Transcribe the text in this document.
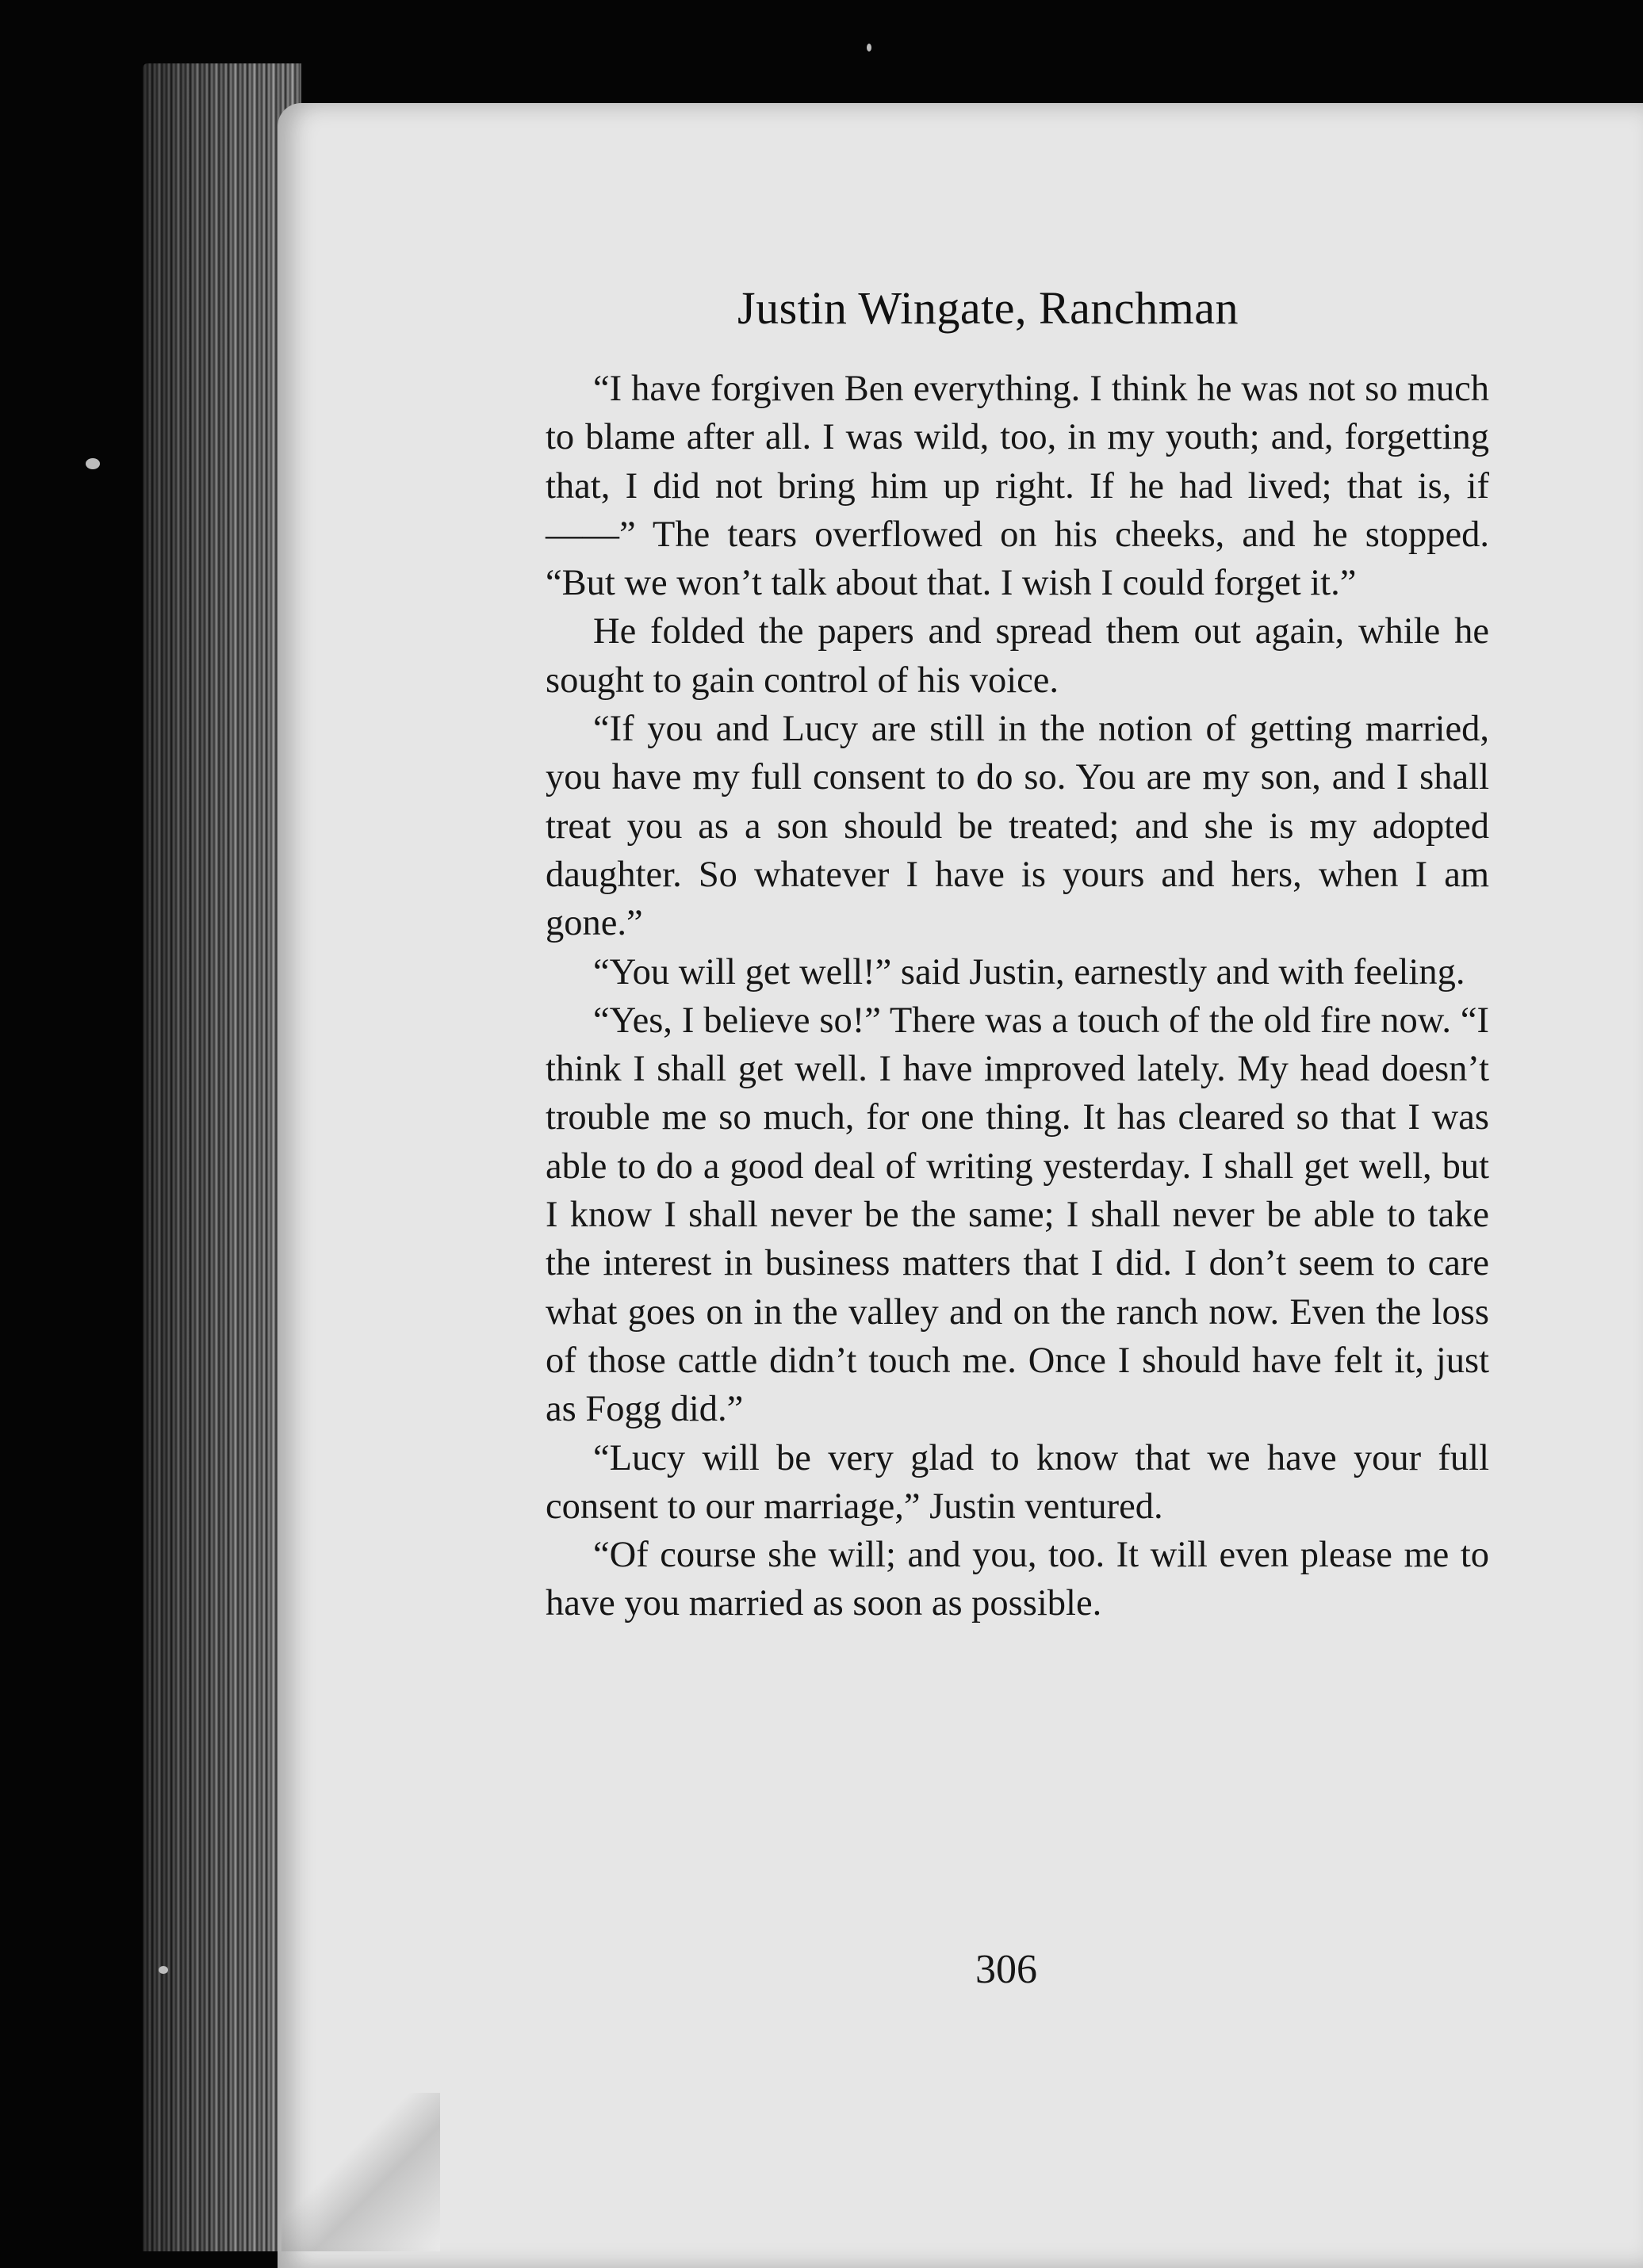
Justin Wingate, Ranchman

“I have forgiven Ben everything. I think he was not so much to blame after all. I was wild, too, in my youth; and, forgetting that, I did not bring him up right. If he had lived; that is, if——” The tears overflowed on his cheeks, and he stopped. “But we won’t talk about that. I wish I could forget it.”

He folded the papers and spread them out again, while he sought to gain control of his voice.

“If you and Lucy are still in the notion of getting married, you have my full consent to do so. You are my son, and I shall treat you as a son should be treated; and she is my adopted daughter. So whatever I have is yours and hers, when I am gone.”

“You will get well!” said Justin, earnestly and with feeling.

“Yes, I believe so!” There was a touch of the old fire now. “I think I shall get well. I have improved lately. My head doesn’t trouble me so much, for one thing. It has cleared so that I was able to do a good deal of writing yesterday. I shall get well, but I know I shall never be the same; I shall never be able to take the interest in business matters that I did. I don’t seem to care what goes on in the valley and on the ranch now. Even the loss of those cattle didn’t touch me. Once I should have felt it, just as Fogg did.”

“Lucy will be very glad to know that we have your full consent to our marriage,” Justin ventured.

“Of course she will; and you, too. It will even please me to have you married as soon as possible.

306
